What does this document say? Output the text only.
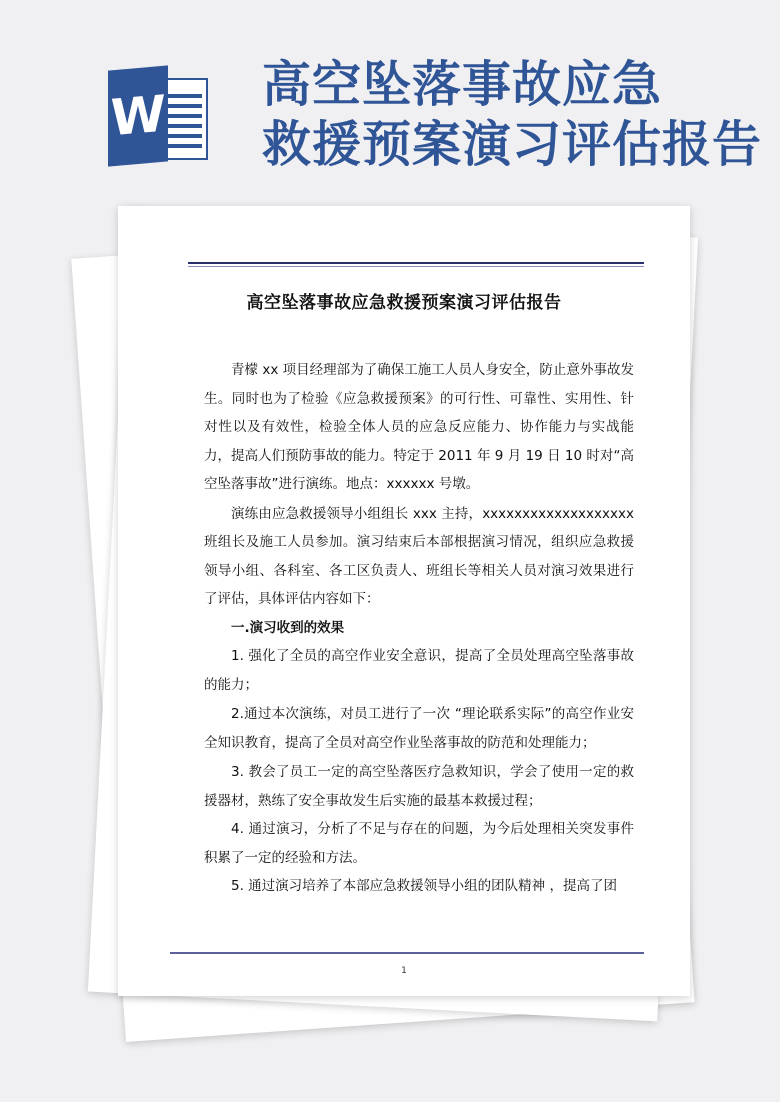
W
高空坠落事故应急
救援预案演习评估报告
高空坠落事故应急救援预案演习评估报告

青檬 xx 项目经理部为了确保工施工人员人身安全，防止意外事故发生。同时也为了检验《应急救援预案》的可行性、可靠性、实用性、针对性以及有效性，检验全体人员的应急反应能力、协作能力与实战能力，提高人们预防事故的能力。特定于 2011 年 9 月 19 日 10 时对“高空坠落事故”进行演练。地点：xxxxxx 号墩。

演练由应急救援领导小组组长 xxx 主持，xxxxxxxxxxxxxxxxxxx 班组长及施工人员参加。演习结束后本部根据演习情况，组织应急救援领导小组、各科室、各工区负责人、班组长等相关人员对演习效果进行了评估，具体评估内容如下：

一.演习收到的效果

1. 强化了全员的高空作业安全意识，提高了全员处理高空坠落事故的能力；

2.通过本次演练，对员工进行了一次 “理论联系实际”的高空作业安全知识教育，提高了全员对高空作业坠落事故的防范和处理能力；

3. 教会了员工一定的高空坠落医疗急救知识，学会了使用一定的救援器材，熟练了安全事故发生后实施的最基本救援过程；

4. 通过演习，分析了不足与存在的问题，为今后处理相关突发事件积累了一定的经验和方法。

5. 通过演习培养了本部应急救援领导小组的团队精神 ，提高了团

1
